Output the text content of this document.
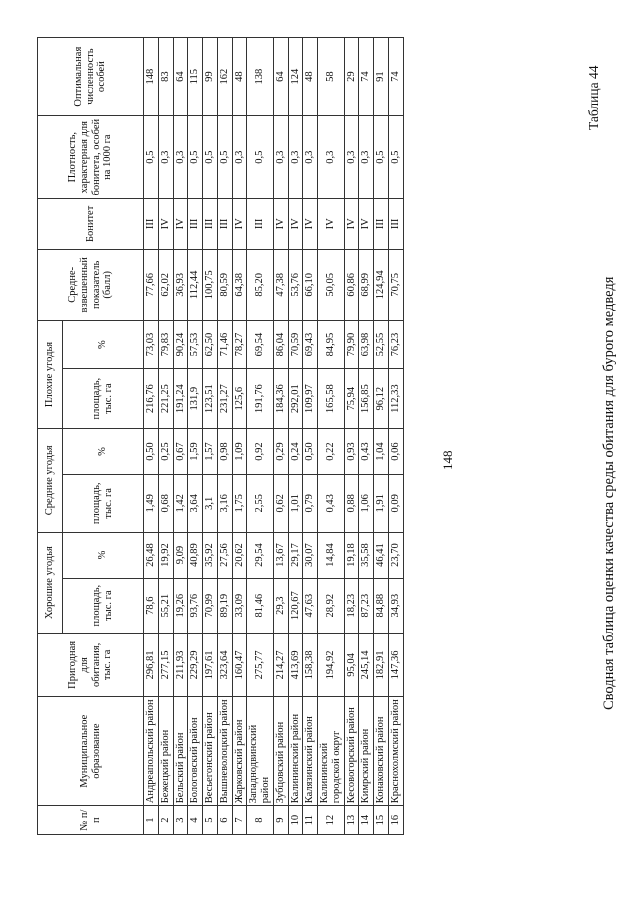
148
Таблица 44
Сводная таблица оценки качества среды обитания для бурого медведя
№ п/п	Муниципальное образование	Пригодная для обитания, тыс. га	Хорошие угодья		Средние угодья		Плохие угодья		Средне-взвешенный показатель (балл)	Бонитет	Плотность, характерная для бонитета, особей на 1000 га	Оптимальная численность особей
			площадь, тыс. га	%	площадь, тыс. га	%	площадь, тыс. га	%				
1	Андреапольский район	296,81	78,6	26,48	1,49	0,50	216,76	73,03	77,66	III	0,5	148
2	Бежецкий район	277,15	55,21	19,92	0,68	0,25	221,25	79,83	62,02	IV	0,3	83
3	Бельский район	211,93	19,26	9,09	1,42	0,67	191,24	90,24	36,93	IV	0,3	64
4	Бологовский район	229,29	93,76	40,89	3,64	1,59	131,9	57,53	112,44	III	0,5	115
5	Весьегонский район	197,61	70,99	35,92	3,1	1,57	123,51	62,50	100,75	III	0,5	99
6	Вышневолоцкий район	323,64	89,19	27,56	3,16	0,98	231,27	71,46	80,59	III	0,5	162
7	Жарковский район	160,47	33,09	20,62	1,75	1,09	125,6	78,27	64,38	IV	0,3	48
8	Западнодвинский район	275,77	81,46	29,54	2,55	0,92	191,76	69,54	85,20	III	0,5	138
9	Зубцовский район	214,27	29,3	13,67	0,62	0,29	184,36	86,04	47,38	IV	0,3	64
10	Калининский район	413,69	120,67	29,17	1,01	0,24	292,01	70,59	53,76	IV	0,3	124
11	Калязинский район	158,38	47,63	30,07	0,79	0,50	109,97	69,43	66,10	IV	0,3	48
12	Калининский городской округ	194,92	28,92	14,84	0,43	0,22	165,58	84,95	50,05	IV	0,3	58
13	Кесовогорский район	95,04	18,23	19,18	0,88	0,93	75,94	79,90	60,86	IV	0,3	29
14	Кимрский район	245,14	87,23	35,58	1,06	0,43	156,85	63,98	68,99	IV	0,3	74
15	Конаковский район	182,91	84,88	46,41	1,91	1,04	96,12	52,55	124,94	III	0,5	91
16	Краснохолмский район	147,36	34,93	23,70	0,09	0,06	112,33	76,23	70,75	III	0,5	74
